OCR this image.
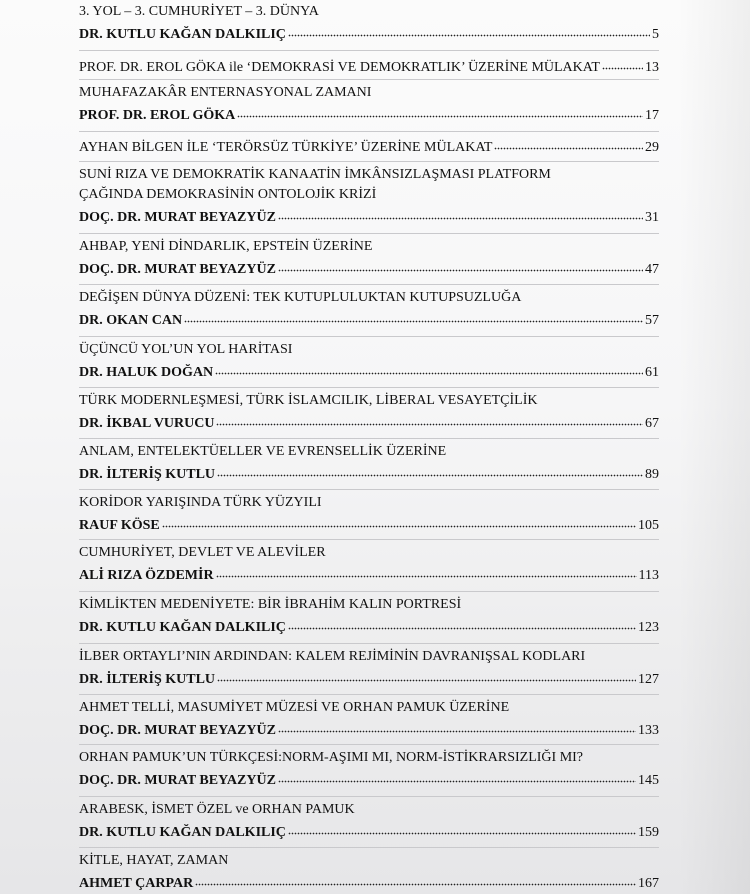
3. YOL – 3. CUMHURİYET – 3. DÜNYA
DR. KUTLU KAĞAN DALKILIÇ	5
PROF. DR. EROL GÖKA ile ‘DEMOKRASİ VE DEMOKRATLIK’ ÜZERİNE MÜLAKAT	13
MUHAFAZAKÂR ENTERNASYONAL ZAMANI
PROF. DR. EROL GÖKA	17
AYHAN BİLGEN İLE ‘TERÖRSÜZ TÜRKİYE’ ÜZERİNE MÜLAKAT	29
SUNİ RIZA VE DEMOKRATİK KANAATİN İMKÂNSIZLAŞMASI PLATFORM
ÇAĞINDA DEMOKRASİNİN ONTOLOJİK KRİZİ
DOÇ. DR. MURAT BEYAZYÜZ	31
AHBAP, YENİ DİNDARLIK, EPSTEİN ÜZERİNE
DOÇ. DR. MURAT BEYAZYÜZ	47
DEĞİŞEN DÜNYA DÜZENİ: TEK KUTUPLULUKTAN KUTUPSUZLUĞA
DR. OKAN CAN	57
ÜÇÜNCÜ YOL’UN YOL HARİTASI
DR. HALUK DOĞAN	61
TÜRK MODERNLEŞMESİ, TÜRK İSLAMCILIK, LİBERAL VESAYETÇİLİK
DR. İKBAL VURUCU	67
ANLAM, ENTELEKTÜELLER VE EVRENSELLİK ÜZERİNE
DR. İLTERİŞ KUTLU	89
KORİDOR YARIŞINDA TÜRK YÜZYILI
RAUF KÖSE	105
CUMHURİYET, DEVLET VE ALEVİLER
ALİ RIZA ÖZDEMİR	113
KİMLİKTEN MEDENİYETE: BİR İBRAHİM KALIN PORTRESİ
DR. KUTLU KAĞAN DALKILIÇ	123
İLBER ORTAYLI’NIN ARDINDAN: KALEM REJİMİNİN DAVRANIŞSAL KODLARI
DR. İLTERİŞ KUTLU	127
AHMET TELLİ, MASUMİYET MÜZESİ VE ORHAN PAMUK ÜZERİNE
DOÇ. DR. MURAT BEYAZYÜZ	133
ORHAN PAMUK’UN TÜRKÇESİ:NORM-AŞIMI MI, NORM-İSTİKRARSIZLIĞI MI?
DOÇ. DR. MURAT BEYAZYÜZ	145
ARABESK, İSMET ÖZEL ve ORHAN PAMUK
DR. KUTLU KAĞAN DALKILIÇ	159
KİTLE, HAYAT, ZAMAN
AHMET ÇARPAR	167
